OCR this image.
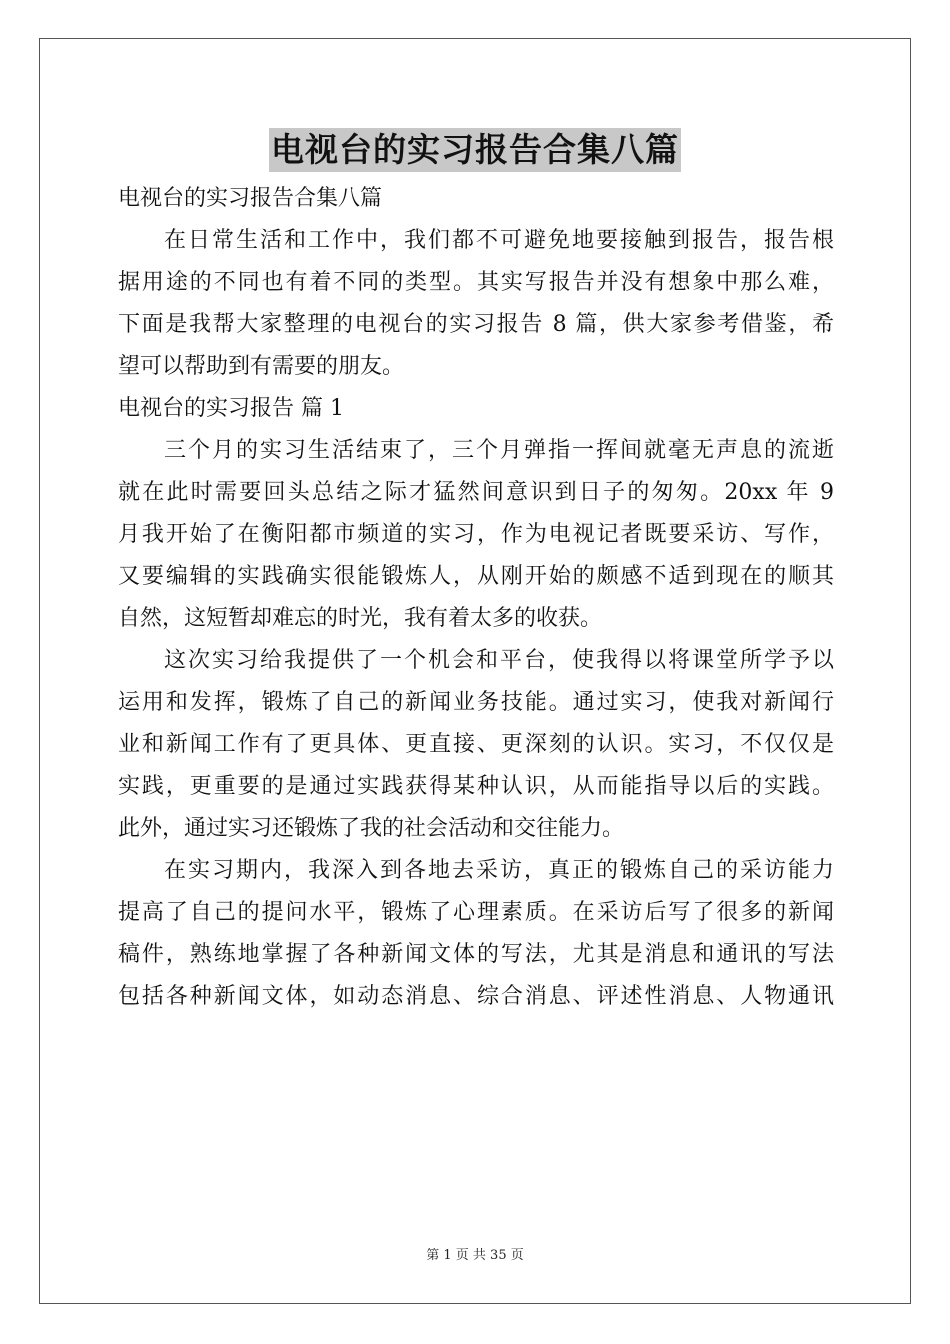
电视台的实习报告合集八篇
电视台的实习报告合集八篇
在日常生活和工作中，我们都不可避免地要接触到报告，报告根
据用途的不同也有着不同的类型。其实写报告并没有想象中那么难，
下面是我帮大家整理的电视台的实习报告 8 篇，供大家参考借鉴，希
望可以帮助到有需要的朋友。
电视台的实习报告 篇 1
三个月的实习生活结束了，三个月弹指一挥间就毫无声息的流逝
就在此时需要回头总结之际才猛然间意识到日子的匆匆。20xx 年 9
月我开始了在衡阳都市频道的实习，作为电视记者既要采访、写作，
又要编辑的实践确实很能锻炼人，从刚开始的颇感不适到现在的顺其
自然，这短暂却难忘的时光，我有着太多的收获。
这次实习给我提供了一个机会和平台，使我得以将课堂所学予以
运用和发挥，锻炼了自己的新闻业务技能。通过实习，使我对新闻行
业和新闻工作有了更具体、更直接、更深刻的认识。实习，不仅仅是
实践，更重要的是通过实践获得某种认识，从而能指导以后的实践。
此外，通过实习还锻炼了我的社会活动和交往能力。
在实习期内，我深入到各地去采访，真正的锻炼自己的采访能力
提高了自己的提问水平，锻炼了心理素质。在采访后写了很多的新闻
稿件，熟练地掌握了各种新闻文体的写法，尤其是消息和通讯的写法
包括各种新闻文体，如动态消息、综合消息、评述性消息、人物通讯
第 1 页 共 35 页
